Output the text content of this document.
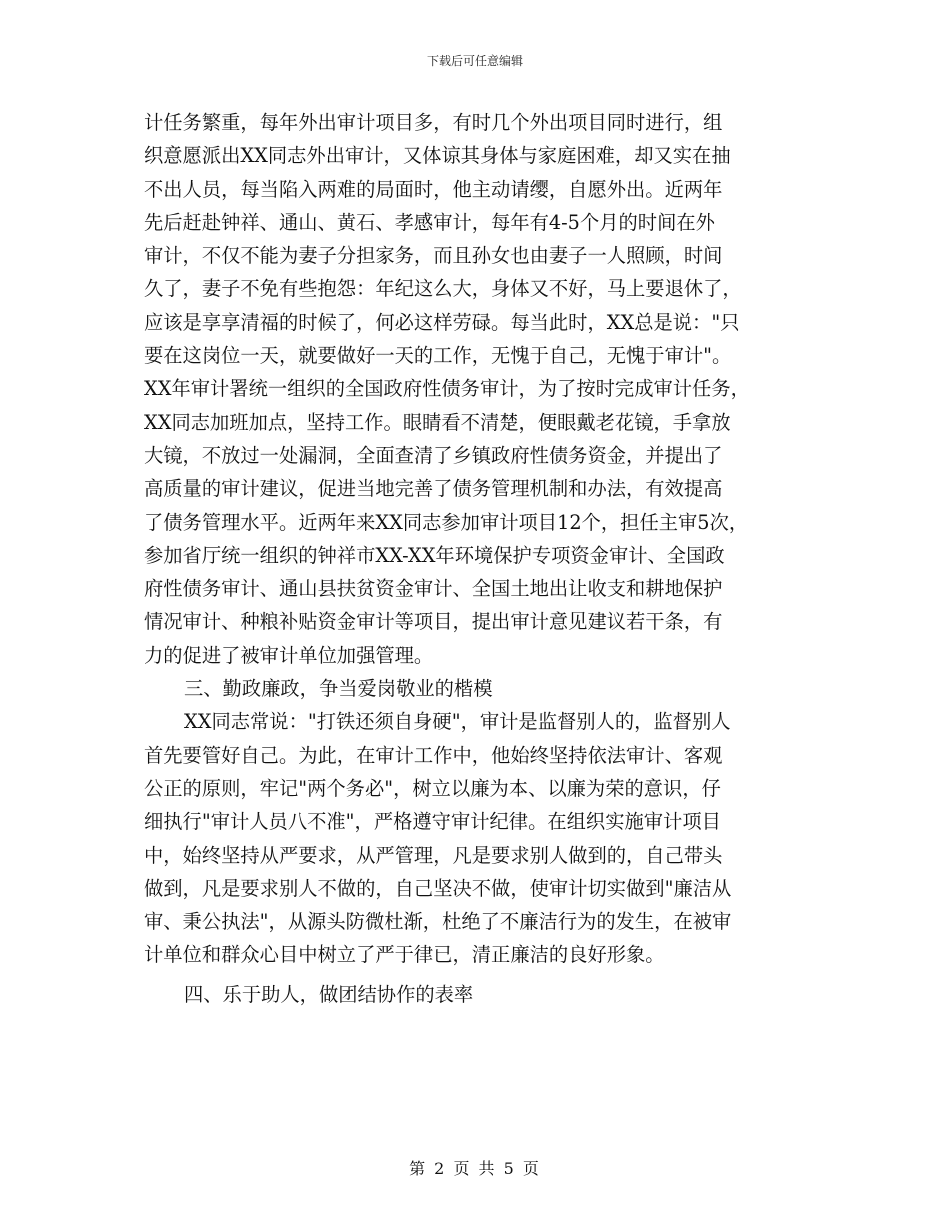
下载后可任意编辑
计任务繁重，每年外出审计项目多，有时几个外出项目同时进行，组
织意愿派出XX同志外出审计，又体谅其身体与家庭困难，却又实在抽
不出人员，每当陷入两难的局面时，他主动请缨，自愿外出。近两年
先后赶赴钟祥、通山、黄石、孝感审计，每年有4-5个月的时间在外
审计，不仅不能为妻子分担家务，而且孙女也由妻子一人照顾，时间
久了，妻子不免有些抱怨：年纪这么大，身体又不好，马上要退休了，
应该是享享清福的时候了，何必这样劳碌。每当此时，XX总是说："只
要在这岗位一天，就要做好一天的工作，无愧于自己，无愧于审计"。
XX年审计署统一组织的全国政府性债务审计，为了按时完成审计任务，
XX同志加班加点，坚持工作。眼睛看不清楚，便眼戴老花镜，手拿放
大镜，不放过一处漏洞，全面查清了乡镇政府性债务资金，并提出了
高质量的审计建议，促进当地完善了债务管理机制和办法，有效提高
了债务管理水平。近两年来XX同志参加审计项目12个，担任主审5次，
参加省厅统一组织的钟祥市XX-XX年环境保护专项资金审计、全国政
府性债务审计、通山县扶贫资金审计、全国土地出让收支和耕地保护
情况审计、种粮补贴资金审计等项目，提出审计意见建议若干条，有
力的促进了被审计单位加强管理。
三、勤政廉政，争当爱岗敬业的楷模
XX同志常说："打铁还须自身硬"，审计是监督别人的，监督别人
首先要管好自己。为此，在审计工作中，他始终坚持依法审计、客观
公正的原则，牢记"两个务必"，树立以廉为本、以廉为荣的意识，仔
细执行"审计人员八不准"，严格遵守审计纪律。在组织实施审计项目
中，始终坚持从严要求，从严管理，凡是要求别人做到的，自己带头
做到，凡是要求别人不做的，自己坚决不做，使审计切实做到"廉洁从
审、秉公执法"，从源头防微杜渐，杜绝了不廉洁行为的发生，在被审
计单位和群众心目中树立了严于律已，清正廉洁的良好形象。
四、乐于助人，做团结协作的表率
第 2 页 共 5 页
